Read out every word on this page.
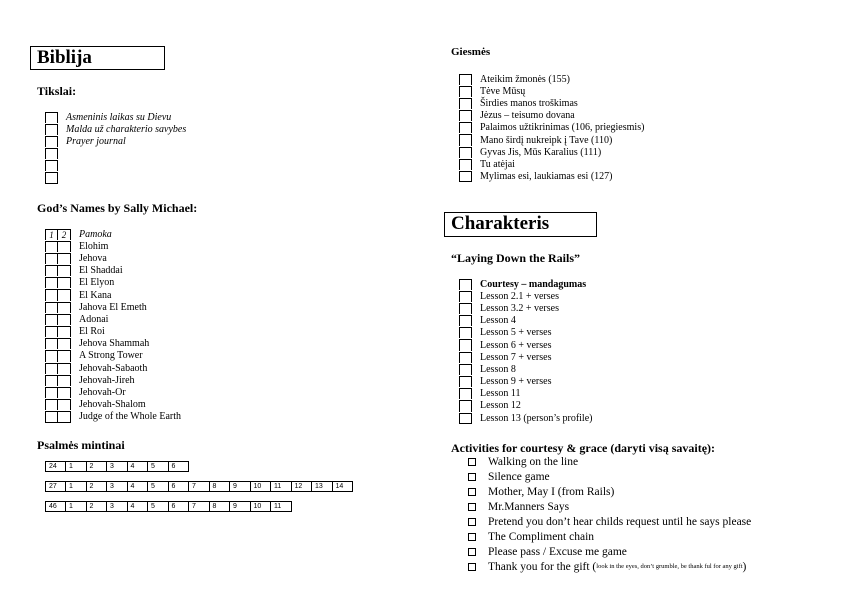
Biblija
Tikslai:
Asmeninis laikas su Dievu
Malda už charakterio savybes
Prayer journal
God’s Names by Sally Michael:
1 2	Pamoka
Elohim
Jehova
El Shaddai
El Elyon
El Kana
Jahova El Emeth
Adonai
El Roi
Jehova Shammah
A Strong Tower
Jehovah-Sabaoth
Jehovah-Jireh
Jehovah-Or
Jehovah-Shalom
Judge of the Whole Earth
Psalmės mintinai
24	1	2	3	4	5	6
27	1	2	3	4	5	6	7	8	9	10	11	12	13	14
46	1	2	3	4	5	6	7	8	9	10	11
Giesmės
Ateikim žmonės (155)
Tėve Mūsų
Širdies manos troškimas
Jėzus – teisumo dovana
Palaimos užtikrinimas (106, priegiesmis)
Mano širdį nukreipk į Tave (110)
Gyvas Jis, Mūs Karalius (111)
Tu atėjai
Mylimas esi, laukiamas esi (127)
Charakteris
“Laying Down the Rails”
Courtesy – mandagumas
Lesson 2.1 + verses
Lesson 3.2 + verses
Lesson 4
Lesson 5 + verses
Lesson 6 + verses
Lesson 7 + verses
Lesson 8
Lesson 9 + verses
Lesson 11
Lesson 12
Lesson 13 (person’s profile)
Activities for courtesy & grace (daryti visą savaitę):
Walking on the line
Silence game
Mother, May I (from Rails)
Mr.Manners Says
Pretend you don’t hear childs request until he says please
The Compliment chain
Please pass / Excuse me game
Thank you for the gift ( look in the eyes, don’t grumble, be thank ful for any gift )
